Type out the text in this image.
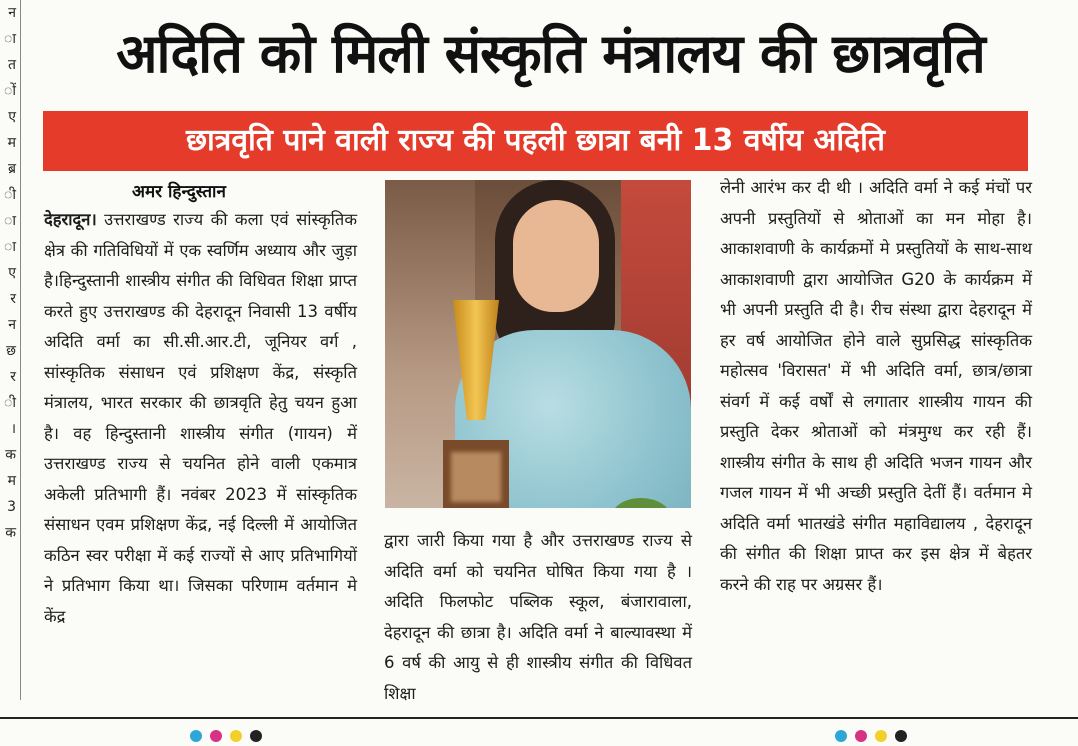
न
ा
त
ों
ए
म
ब्र
ी
ा
ा
ए
र
न
छ
र
ी
।
क
म
3
क
अदिति को मिली संस्कृति मंत्रालय की छात्रवृति
छात्रवृति पाने वाली राज्य की पहली छात्रा बनी 13 वर्षीय अदिति
अमर हिन्दुस्तान

देहरादून। उत्तराखण्ड राज्य की कला एवं सांस्कृतिक क्षेत्र की गतिविधियों में एक स्वर्णिम अध्याय और जुड़ा है।हिन्दुस्तानी शास्त्रीय संगीत की विधिवत शिक्षा प्राप्त करते हुए उत्तराखण्ड की देहरादून निवासी 13 वर्षीय अदिति वर्मा का सी.सी.आर.टी, जूनियर वर्ग , सांस्कृतिक संसाधन एवं प्रशिक्षण केंद्र, संस्कृति मंत्रालय, भारत सरकार की छात्रवृति हेतु चयन हुआ है। वह हिन्दुस्तानी शास्त्रीय संगीत (गायन) में उत्तराखण्ड राज्य से चयनित होने वाली एकमात्र अकेली प्रतिभागी हैं। नवंबर 2023 में सांस्कृतिक संसाधन एवम प्रशिक्षण केंद्र, नई दिल्ली में आयोजित कठिन स्वर परीक्षा में कई राज्यों से आए प्रतिभागियों ने प्रतिभाग किया था। जिसका परिणाम वर्तमान मे केंद्र

द्वारा जारी किया गया है और उत्तराखण्ड राज्य से अदिति वर्मा को चयनित घोषित किया गया है । अदिति फिलफोट पब्लिक स्कूल, बंजारावाला, देहरादून की छात्रा है। अदिति वर्मा ने बाल्यावस्था में 6 वर्ष की आयु से ही शास्त्रीय संगीत की विधिवत शिक्षा

लेनी आरंभ कर दी थी । अदिति वर्मा ने कई मंचों पर अपनी प्रस्तुतियों से श्रोताओं का मन मोहा है। आकाशवाणी के कार्यक्रमों मे प्रस्तुतियों के साथ-साथ आकाशवाणी द्वारा आयोजित G20 के कार्यक्रम में भी अपनी प्रस्तुति दी है। रीच संस्था द्वारा देहरादून में हर वर्ष आयोजित होने वाले सुप्रसिद्ध सांस्कृतिक महोत्सव 'विरासत' में भी अदिति वर्मा, छात्र/छात्रा संवर्ग में कई वर्षों से लगातार शास्त्रीय गायन की प्रस्तुति देकर श्रोताओं को मंत्रमुग्ध कर रही हैं। शास्त्रीय संगीत के साथ ही अदिति भजन गायन और गजल गायन में भी अच्छी प्रस्तुति देतीं हैं। वर्तमान मे अदिति वर्मा भातखंडे संगीत महाविद्यालय , देहरादून की संगीत की शिक्षा प्राप्त कर इस क्षेत्र में बेहतर करने की राह पर अग्रसर हैं।
